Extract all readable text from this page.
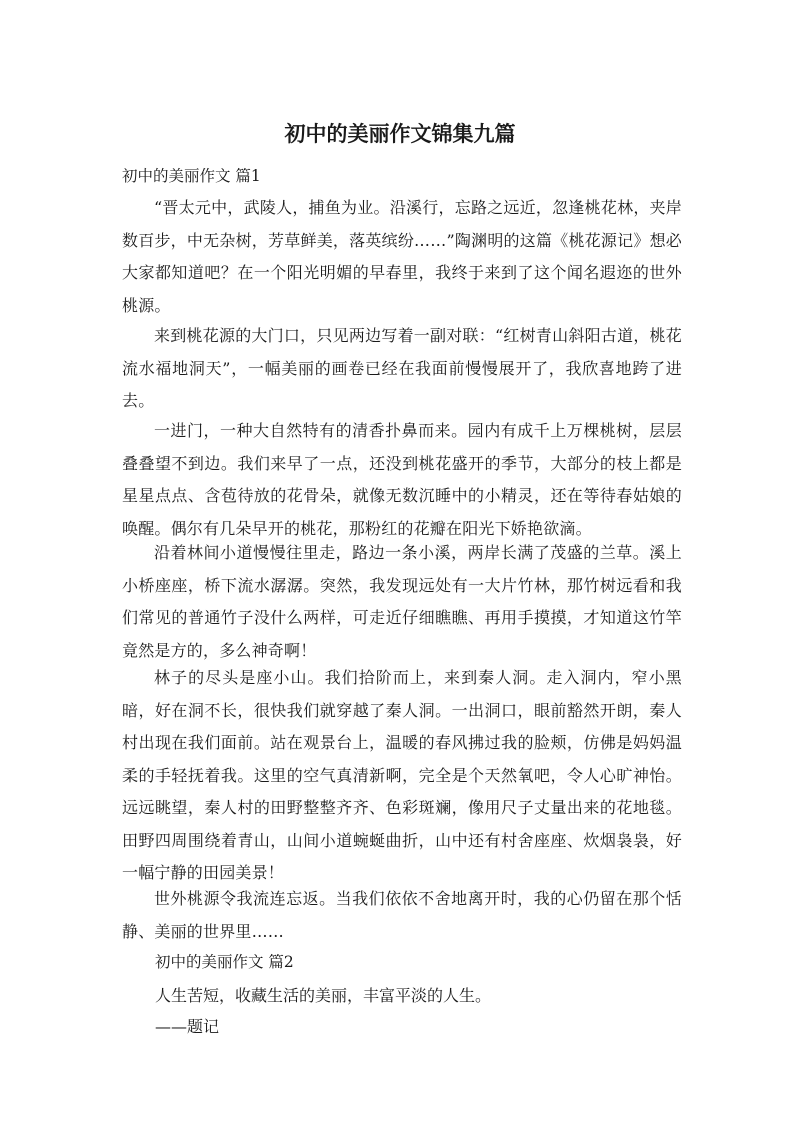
初中的美丽作文锦集九篇

初中的美丽作文 篇1

“晋太元中，武陵人，捕鱼为业。沿溪行，忘路之远近，忽逢桃花林，夹岸数百步，中无杂树，芳草鲜美，落英缤纷……”陶渊明的这篇《桃花源记》想必大家都知道吧？在一个阳光明媚的早春里，我终于来到了这个闻名遐迩的世外桃源。

来到桃花源的大门口，只见两边写着一副对联：“红树青山斜阳古道，桃花流水福地洞天”，一幅美丽的画卷已经在我面前慢慢展开了，我欣喜地跨了进去。

一进门，一种大自然特有的清香扑鼻而来。园内有成千上万棵桃树，层层叠叠望不到边。我们来早了一点，还没到桃花盛开的季节，大部分的枝上都是星星点点、含苞待放的花骨朵，就像无数沉睡中的小精灵，还在等待春姑娘的唤醒。偶尔有几朵早开的桃花，那粉红的花瓣在阳光下娇艳欲滴。

沿着林间小道慢慢往里走，路边一条小溪，两岸长满了茂盛的兰草。溪上小桥座座，桥下流水潺潺。突然，我发现远处有一大片竹林，那竹树远看和我们常见的普通竹子没什么两样，可走近仔细瞧瞧、再用手摸摸，才知道这竹竿竟然是方的，多么神奇啊！

林子的尽头是座小山。我们拾阶而上，来到秦人洞。走入洞内，窄小黑暗，好在洞不长，很快我们就穿越了秦人洞。一出洞口，眼前豁然开朗，秦人村出现在我们面前。站在观景台上，温暖的春风拂过我的脸颊，仿佛是妈妈温柔的手轻抚着我。这里的空气真清新啊，完全是个天然氧吧，令人心旷神怡。远远眺望，秦人村的田野整整齐齐、色彩斑斓，像用尺子丈量出来的花地毯。田野四周围绕着青山，山间小道蜿蜒曲折，山中还有村舍座座、炊烟袅袅，好一幅宁静的田园美景！

世外桃源令我流连忘返。当我们依依不舍地离开时，我的心仍留在那个恬静、美丽的世界里……

初中的美丽作文 篇2

人生苦短，收藏生活的美丽，丰富平淡的人生。

——题记
